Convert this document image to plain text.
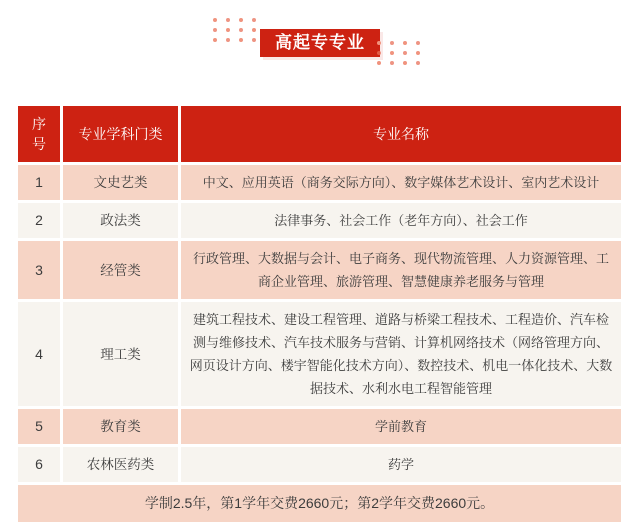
高起专专业
序号	专业学科门类	专业名称
1	文史艺类	中文、应用英语（商务交际方向）、数字媒体艺术设计、室内艺术设计
2	政法类	法律事务、社会工作（老年方向）、社会工作
3	经管类	行政管理、大数据与会计、电子商务、现代物流管理、人力资源管理、工商企业管理、旅游管理、智慧健康养老服务与管理
4	理工类	建筑工程技术、建设工程管理、道路与桥梁工程技术、工程造价、汽车检测与维修技术、汽车技术服务与营销、计算机网络技术（网络管理方向、网页设计方向、楼宇智能化技术方向）、数控技术、机电一体化技术、大数据技术、水利水电工程智能管理
5	教育类	学前教育
6	农林医药类	药学
学制2.5年，第1学年交费2660元；第2学年交费2660元。		
